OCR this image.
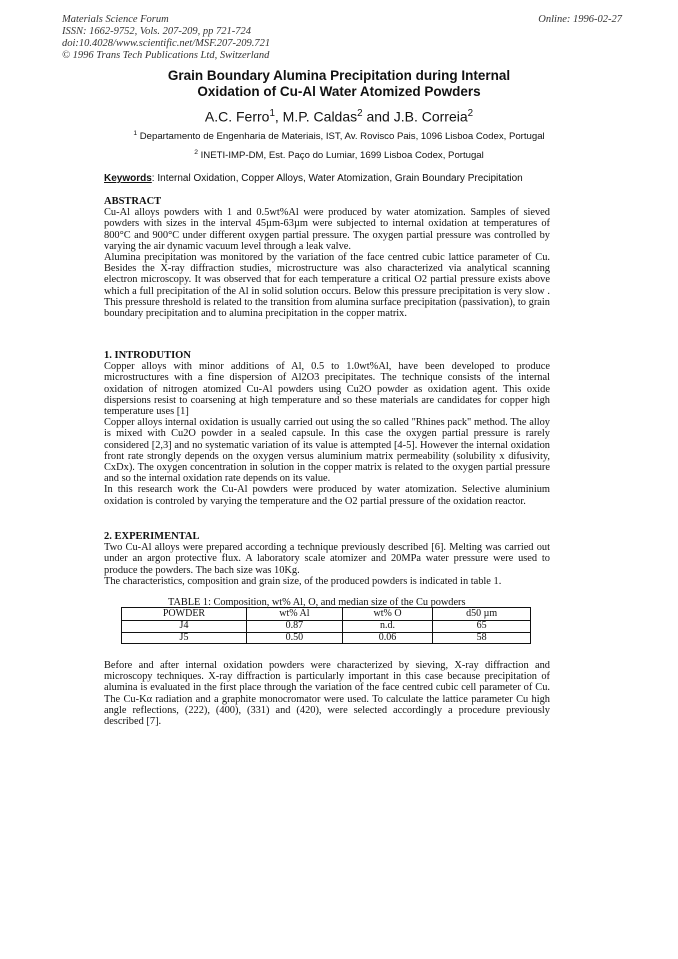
Materials Science Forum
ISSN: 1662-9752, Vols. 207-209, pp 721-724
doi:10.4028/www.scientific.net/MSF.207-209.721
© 1996 Trans Tech Publications Ltd, Switzerland
Online: 1996-02-27
Grain Boundary Alumina Precipitation during Internal
Oxidation of Cu-Al Water Atomized Powders
A.C. Ferro$^1$, M.P. Caldas$^2$ and J.B. Correia$^2$
$^1$ Departamento de Engenharia de Materiais, IST, Av. Rovisco Pais, 1096 Lisboa Codex, Portugal
$^2$ INETI-IMP-DM, Est. Paço do Lumiar, 1699 Lisboa Codex, Portugal
Keywords: Internal Oxidation, Copper Alloys, Water Atomization, Grain Boundary Precipitation
ABSTRACT

Cu-Al alloys powders with 1 and 0.5wt%Al were produced by water atomization. Samples of sieved powders with sizes in the interval 45µm-63µm were subjected to internal oxidation at temperatures of 800°C and 900°C under different oxygen partial pressure. The oxygen partial pressure was controlled by varying the air dynamic vacuum level through a leak valve.

Alumina precipitation was monitored by the variation of the face centred cubic lattice parameter of Cu. Besides the X-ray diffraction studies, microstructure was also characterized via analytical scanning electron microscopy. It was observed that for each temperature a critical O2 partial pressure exists above which a full precipitation of the Al in solid solution occurs. Below this pressure precipitation is very slow . This pressure threshold is related to the transition from alumina surface precipitation (passivation), to grain boundary precipitation and to alumina precipitation in the copper matrix.

1. INTRODUTION

Copper alloys with minor additions of Al, 0.5 to 1.0wt%Al, have been developed to produce microstructures with a fine dispersion of Al2O3 precipitates. The technique consists of the internal oxidation of nitrogen atomized Cu-Al powders using Cu2O powder as oxidation agent. This oxide dispersions resist to coarsening at high temperature and so these materials are candidates for copper high temperature uses [1]

Copper alloys internal oxidation is usually carried out using the so called "Rhines pack" method. The alloy is mixed with Cu2O powder in a sealed capsule. In this case the oxygen partial pressure is rarely considered [2,3] and no systematic variation of its value is attempted [4-5]. However the internal oxidation front rate strongly depends on the oxygen versus aluminium matrix permeability (solubility x difusivity, CxDx). The oxygen concentration in solution in the copper matrix is related to the oxygen partial pressure and so the internal oxidation rate depends on its value.

In this research work the Cu-Al powders were produced by water atomization. Selective aluminium oxidation is controled by varying the temperature and the O2 partial pressure of the oxidation reactor.

2. EXPERIMENTAL

Two Cu-Al alloys were prepared according a technique previously described [6]. Melting was carried out under an argon protective flux. A laboratory scale atomizer and 20MPa water pressure were used to produce the powders. The bach size was 10Kg.

The characteristics, composition and grain size, of the produced powders is indicated in table 1.

TABLE 1: Composition, wt% Al, O, and median size of the Cu powders
POWDER	wt% Al	wt% O	d50 µm
J4	0.87	n.d.	65
J5	0.50	0.06	58

Before and after internal oxidation powders were characterized by sieving, X-ray diffraction and microscopy techniques. X-ray diffraction is particularly important in this case because precipitation of alumina is evaluated in the first place through the variation of the face centred cubic cell parameter of Cu. The Cu-Kα radiation and a graphite monocromator were used. To calculate the lattice parameter Cu high angle reflections, (222), (400), (331) and (420), were selected accordingly a procedure previously described [7].
